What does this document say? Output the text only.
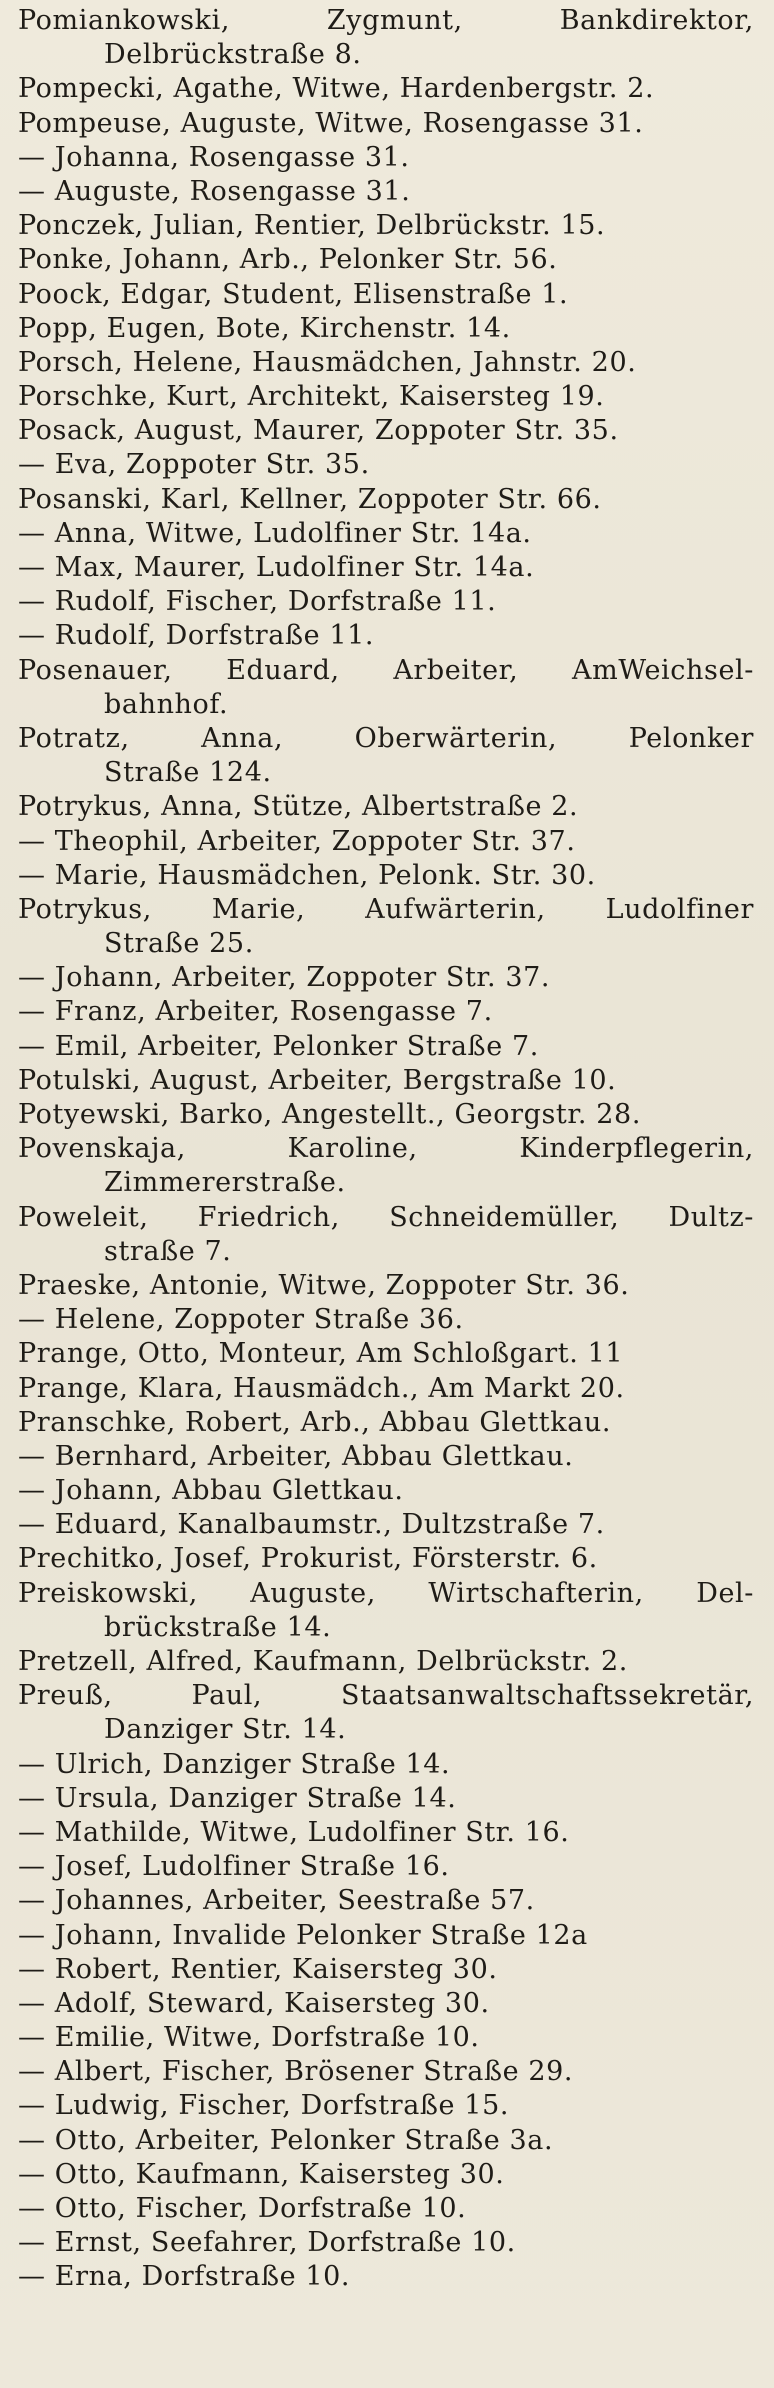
Pomiankowski, Zygmunt, Bankdirektor,
Delbrückstraße 8.
Pompecki, Agathe, Witwe, Hardenbergstr. 2.
Pompeuse, Auguste, Witwe, Rosengasse 31.
— Johanna, Rosengasse 31.
— Auguste, Rosengasse 31.
Ponczek, Julian, Rentier, Delbrückstr. 15.
Ponke, Johann, Arb., Pelonker Str. 56.
Poock, Edgar, Student, Elisenstraße 1.
Popp, Eugen, Bote, Kirchenstr. 14.
Porsch, Helene, Hausmädchen, Jahnstr. 20.
Porschke, Kurt, Architekt, Kaisersteg 19.
Posack, August, Maurer, Zoppoter Str. 35.
— Eva, Zoppoter Str. 35.
Posanski, Karl, Kellner, Zoppoter Str. 66.
— Anna, Witwe, Ludolfiner Str. 14a.
— Max, Maurer, Ludolfiner Str. 14a.
— Rudolf, Fischer, Dorfstraße 11.
— Rudolf, Dorfstraße 11.
Posenauer, Eduard, Arbeiter, AmWeichsel-
bahnhof.
Potratz, Anna, Oberwärterin, Pelonker
Straße 124.
Potrykus, Anna, Stütze, Albertstraße 2.
— Theophil, Arbeiter, Zoppoter Str. 37.
— Marie, Hausmädchen, Pelonk. Str. 30.
Potrykus, Marie, Aufwärterin, Ludolfiner
Straße 25.
— Johann, Arbeiter, Zoppoter Str. 37.
— Franz, Arbeiter, Rosengasse 7.
— Emil, Arbeiter, Pelonker Straße 7.
Potulski, August, Arbeiter, Bergstraße 10.
Potyewski, Barko, Angestellt., Georgstr. 28.
Povenskaja, Karoline, Kinderpflegerin,
Zimmererstraße.
Poweleit, Friedrich, Schneidemüller, Dultz-
straße 7.
Praeske, Antonie, Witwe, Zoppoter Str. 36.
— Helene, Zoppoter Straße 36.
Prange, Otto, Monteur, Am Schloßgart. 11
Prange, Klara, Hausmädch., Am Markt 20.
Pranschke, Robert, Arb., Abbau Glettkau.
— Bernhard, Arbeiter, Abbau Glettkau.
— Johann, Abbau Glettkau.
— Eduard, Kanalbaumstr., Dultzstraße 7.
Prechitko, Josef, Prokurist, Försterstr. 6.
Preiskowski, Auguste, Wirtschafterin, Del-
brückstraße 14.
Pretzell, Alfred, Kaufmann, Delbrückstr. 2.
Preuß, Paul, Staatsanwaltschaftssekretär,
Danziger Str. 14.
— Ulrich, Danziger Straße 14.
— Ursula, Danziger Straße 14.
— Mathilde, Witwe, Ludolfiner Str. 16.
— Josef, Ludolfiner Straße 16.
— Johannes, Arbeiter, Seestraße 57.
— Johann, Invalide Pelonker Straße 12a
— Robert, Rentier, Kaisersteg 30.
— Adolf, Steward, Kaisersteg 30.
— Emilie, Witwe, Dorfstraße 10.
— Albert, Fischer, Brösener Straße 29.
— Ludwig, Fischer, Dorfstraße 15.
— Otto, Arbeiter, Pelonker Straße 3a.
— Otto, Kaufmann, Kaisersteg 30.
— Otto, Fischer, Dorfstraße 10.
— Ernst, Seefahrer, Dorfstraße 10.
— Erna, Dorfstraße 10.
